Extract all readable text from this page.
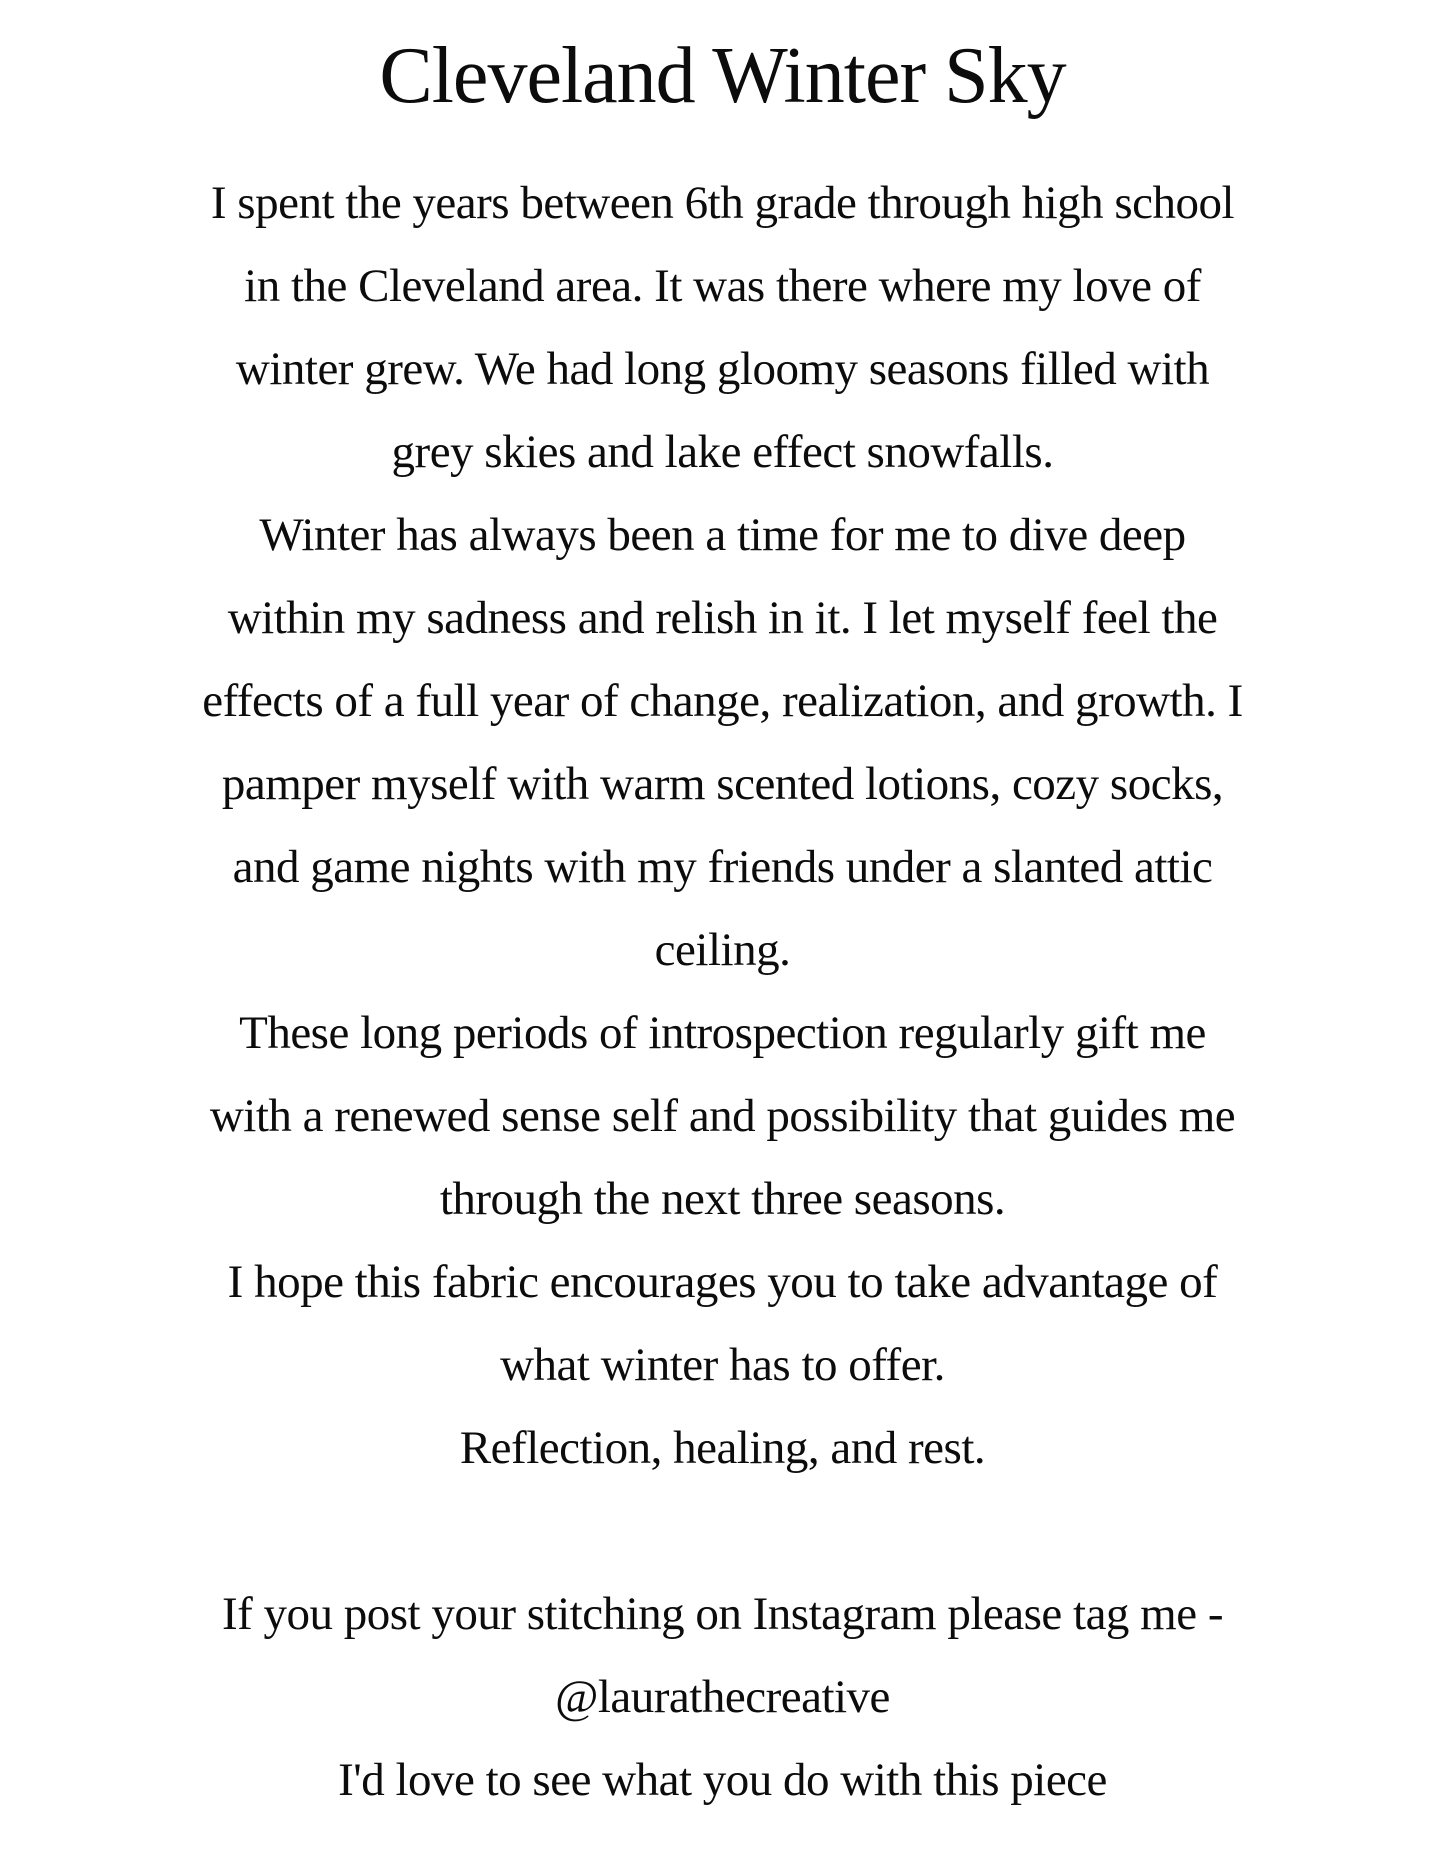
Cleveland Winter Sky
I spent the years between 6th grade through high school
in the Cleveland area. It was there where my love of
winter grew. We had long gloomy seasons filled with
grey skies and lake effect snowfalls.
Winter has always been a time for me to dive deep
within my sadness and relish in it. I let myself feel the
effects of a full year of change, realization, and growth. I
pamper myself with warm scented lotions, cozy socks,
and game nights with my friends under a slanted attic
ceiling.
These long periods of introspection regularly gift me
with a renewed sense self and possibility that guides me
through the next three seasons.
I hope this fabric encourages you to take advantage of
what winter has to offer.
Reflection, healing, and rest.
If you post your stitching on Instagram please tag me -
@laurathecreative
I'd love to see what you do with this piece
